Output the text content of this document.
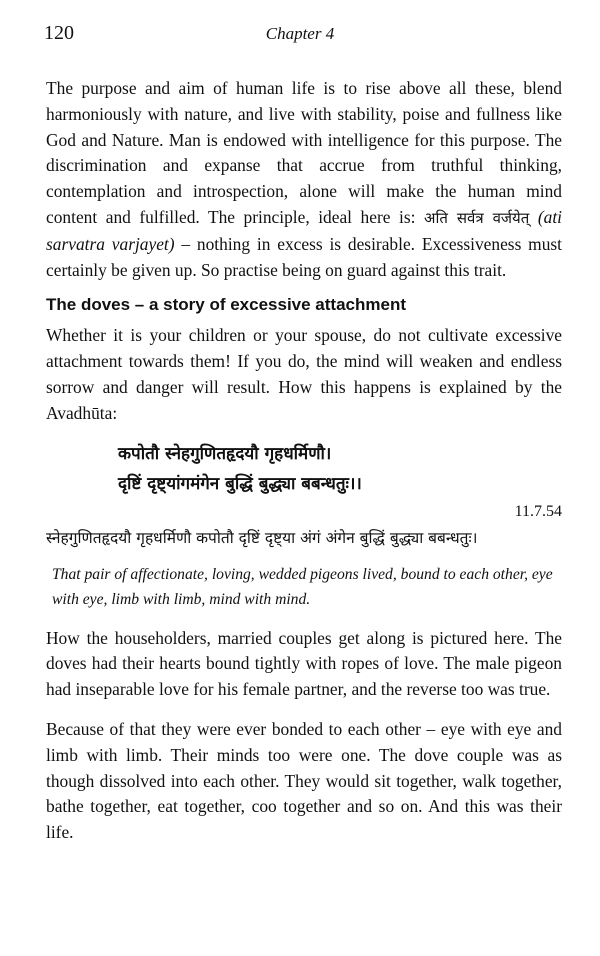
120	Chapter 4

The purpose and aim of human life is to rise above all these, blend harmoniously with nature, and live with stability, poise and fullness like God and Nature. Man is endowed with intelligence for this purpose. The discrimination and expanse that accrue from truthful thinking, contemplation and introspection, alone will make the human mind content and fulfilled. The principle, ideal here is: अति सर्वत्र वर्जयेत् (ati sarvatra varjayet) – nothing in excess is desirable. Excessiveness must certainly be given up. So practise being on guard against this trait.

The doves – a story of excessive attachment

Whether it is your children or your spouse, do not cultivate excessive attachment towards them! If you do, the mind will weaken and endless sorrow and danger will result. How this happens is explained by the Avadhūta:

कपोतौ स्नेहगुणितहृदयौ गृहधर्मिणौ।
दृष्टिं दृष्ट्यांगमंगेन बुद्धिं बुद्ध्या बबन्धतुः।।
11.7.54
स्नेहगुणितहृदयौ गृहधर्मिणौ कपोतौ दृष्टिं दृष्ट्या अंगं अंगेन बुद्धिं बुद्ध्या बबन्धतुः।

That pair of affectionate, loving, wedded pigeons lived, bound to each other, eye with eye, limb with limb, mind with mind.

How the householders, married couples get along is pictured here. The doves had their hearts bound tightly with ropes of love. The male pigeon had inseparable love for his female partner, and the reverse too was true.

Because of that they were ever bonded to each other – eye with eye and limb with limb. Their minds too were one. The dove couple was as though dissolved into each other. They would sit together, walk together, bathe together, eat together, coo together and so on. And this was their life.
